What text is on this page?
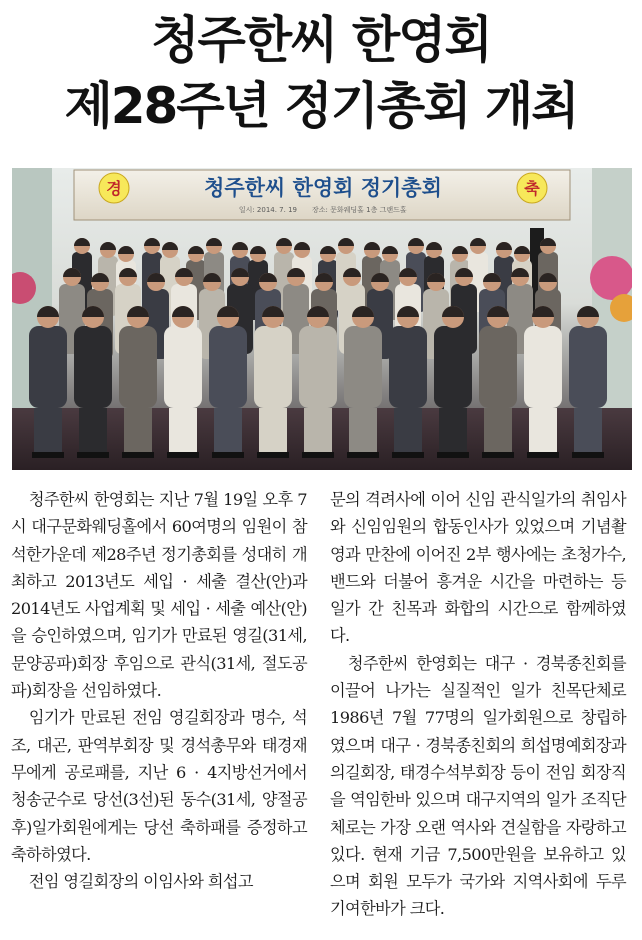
청주한씨 한영회
제28주년 정기총회 개최
경	축
청주한씨 한영회 정기총회
일시: 2014. 7. 19 장소: 문화웨딩홀 1층 그랜드홀

청주한씨 한영회는 지난 7월 19일 오후 7시 대구문화웨딩홀에서 60여명의 임원이 참석한가운데 제28주년 정기총회를 성대히 개최하고 2013년도 세입 · 세출 결산(안)과 2014년도 사업계획 및 세입 · 세출 예산(안)을 승인하였으며, 임기가 만료된 영길(31세, 문양공파)회장 후임으로 관식(31세, 절도공파)회장을 선임하였다.

임기가 만료된 전임 영길회장과 명수, 석조, 대곤, 판역부회장 및 경석총무와 태경재무에게 공로패를, 지난 6 · 4지방선거에서 청송군수로 당선(3선)된 동수(31세, 양절공 후)일가회원에게는 당선 축하패를 증정하고 축하하였다.

전임 영길회장의 이임사와 희섭고

문의 격려사에 이어 신임 관식일가의 취임사와 신임임원의 합동인사가 있었으며 기념촬영과 만찬에 이어진 2부 행사에는 초청가수, 밴드와 더불어 흥겨운 시간을 마련하는 등 일가 간 친목과 화합의 시간으로 함께하였다.

청주한씨 한영회는 대구 · 경북종친회를 이끌어 나가는 실질적인 일가 친목단체로 1986년 7월 77명의 일가회원으로 창립하였으며 대구 · 경북종친회의 희섭명예회장과 의길회장, 태경수석부회장 등이 전임 회장직을 역임한바 있으며 대구지역의 일가 조직단체로는 가장 오랜 역사와 견실함을 자랑하고 있다. 현재 기금 7,500만원을 보유하고 있으며 회원 모두가 국가와 지역사회에 두루 기여한바가 크다.
